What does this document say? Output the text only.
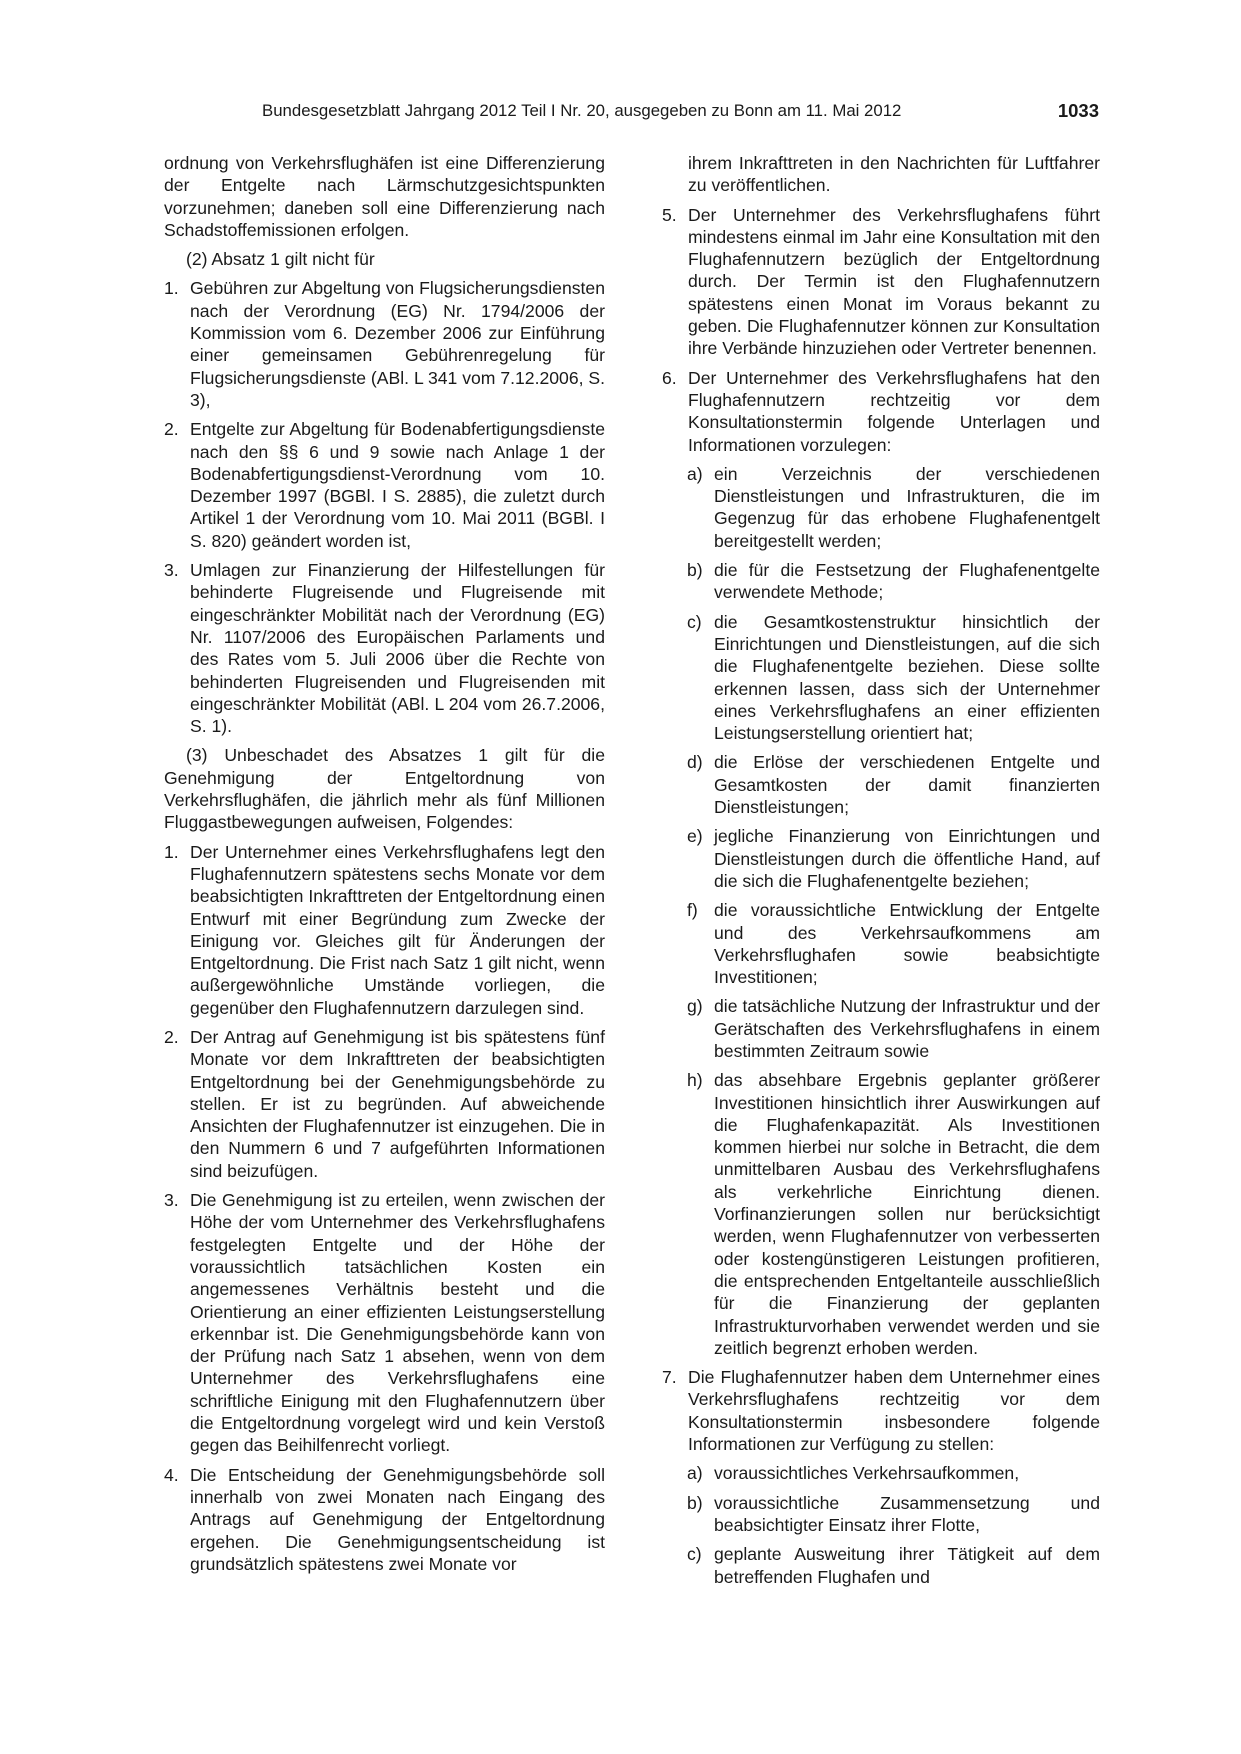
Bundesgesetzblatt Jahrgang 2012 Teil I Nr. 20, ausgegeben zu Bonn am 11. Mai 2012	1033

ordnung von Verkehrsflughäfen ist eine Differenzierung der Entgelte nach Lärmschutzgesichtspunkten vorzunehmen; daneben soll eine Differenzierung nach Schadstoffemissionen erfolgen.

(2) Absatz 1 gilt nicht für

1. Gebühren zur Abgeltung von Flugsicherungsdiensten nach der Verordnung (EG) Nr. 1794/2006 der Kommission vom 6. Dezember 2006 zur Einführung einer gemeinsamen Gebührenregelung für Flugsicherungsdienste (ABl. L 341 vom 7.12.2006, S. 3),
2. Entgelte zur Abgeltung für Bodenabfertigungsdienste nach den §§ 6 und 9 sowie nach Anlage 1 der Bodenabfertigungsdienst-Verordnung vom 10. Dezember 1997 (BGBl. I S. 2885), die zuletzt durch Artikel 1 der Verordnung vom 10. Mai 2011 (BGBl. I S. 820) geändert worden ist,
3. Umlagen zur Finanzierung der Hilfestellungen für behinderte Flugreisende und Flugreisende mit eingeschränkter Mobilität nach der Verordnung (EG) Nr. 1107/2006 des Europäischen Parlaments und des Rates vom 5. Juli 2006 über die Rechte von behinderten Flugreisenden und Flugreisenden mit eingeschränkter Mobilität (ABl. L 204 vom 26.7.2006, S. 1).

(3) Unbeschadet des Absatzes 1 gilt für die Genehmigung der Entgeltordnung von Verkehrsflughäfen, die jährlich mehr als fünf Millionen Fluggastbewegungen aufweisen, Folgendes:

1. Der Unternehmer eines Verkehrsflughafens legt den Flughafennutzern spätestens sechs Monate vor dem beabsichtigten Inkrafttreten der Entgeltordnung einen Entwurf mit einer Begründung zum Zwecke der Einigung vor. Gleiches gilt für Änderungen der Entgeltordnung. Die Frist nach Satz 1 gilt nicht, wenn außergewöhnliche Umstände vorliegen, die gegenüber den Flughafennutzern darzulegen sind.
2. Der Antrag auf Genehmigung ist bis spätestens fünf Monate vor dem Inkrafttreten der beabsichtigten Entgeltordnung bei der Genehmigungsbehörde zu stellen. Er ist zu begründen. Auf abweichende Ansichten der Flughafennutzer ist einzugehen. Die in den Nummern 6 und 7 aufgeführten Informationen sind beizufügen.
3. Die Genehmigung ist zu erteilen, wenn zwischen der Höhe der vom Unternehmer des Verkehrsflughafens festgelegten Entgelte und der Höhe der voraussichtlich tatsächlichen Kosten ein angemessenes Verhältnis besteht und die Orientierung an einer effizienten Leistungserstellung erkennbar ist. Die Genehmigungsbehörde kann von der Prüfung nach Satz 1 absehen, wenn von dem Unternehmer des Verkehrsflughafens eine schriftliche Einigung mit den Flughafennutzern über die Entgeltordnung vorgelegt wird und kein Verstoß gegen das Beihilfenrecht vorliegt.
4. Die Entscheidung der Genehmigungsbehörde soll innerhalb von zwei Monaten nach Eingang des Antrags auf Genehmigung der Entgeltordnung ergehen. Die Genehmigungsentscheidung ist grundsätzlich spätestens zwei Monate vor
ihrem Inkrafttreten in den Nachrichten für Luftfahrer zu veröffentlichen.
5. Der Unternehmer des Verkehrsflughafens führt mindestens einmal im Jahr eine Konsultation mit den Flughafennutzern bezüglich der Entgeltordnung durch. Der Termin ist den Flughafennutzern spätestens einen Monat im Voraus bekannt zu geben. Die Flughafennutzer können zur Konsultation ihre Verbände hinzuziehen oder Vertreter benennen.
6. Der Unternehmer des Verkehrsflughafens hat den Flughafennutzern rechtzeitig vor dem Konsultationstermin folgende Unterlagen und Informationen vorzulegen:
a) ein Verzeichnis der verschiedenen Dienstleistungen und Infrastrukturen, die im Gegenzug für das erhobene Flughafenentgelt bereitgestellt werden;
b) die für die Festsetzung der Flughafenentgelte verwendete Methode;
c) die Gesamtkostenstruktur hinsichtlich der Einrichtungen und Dienstleistungen, auf die sich die Flughafenentgelte beziehen. Diese sollte erkennen lassen, dass sich der Unternehmer eines Verkehrsflughafens an einer effizienten Leistungserstellung orientiert hat;
d) die Erlöse der verschiedenen Entgelte und Gesamtkosten der damit finanzierten Dienstleistungen;
e) jegliche Finanzierung von Einrichtungen und Dienstleistungen durch die öffentliche Hand, auf die sich die Flughafenentgelte beziehen;
f) die voraussichtliche Entwicklung der Entgelte und des Verkehrsaufkommens am Verkehrsflughafen sowie beabsichtigte Investitionen;
g) die tatsächliche Nutzung der Infrastruktur und der Gerätschaften des Verkehrsflughafens in einem bestimmten Zeitraum sowie
h) das absehbare Ergebnis geplanter größerer Investitionen hinsichtlich ihrer Auswirkungen auf die Flughafenkapazität. Als Investitionen kommen hierbei nur solche in Betracht, die dem unmittelbaren Ausbau des Verkehrsflughafens als verkehrliche Einrichtung dienen. Vorfinanzierungen sollen nur berücksichtigt werden, wenn Flughafennutzer von verbesserten oder kostengünstigeren Leistungen profitieren, die entsprechenden Entgeltanteile ausschließlich für die Finanzierung der geplanten Infrastrukturvorhaben verwendet werden und sie zeitlich begrenzt erhoben werden.
7. Die Flughafennutzer haben dem Unternehmer eines Verkehrsflughafens rechtzeitig vor dem Konsultationstermin insbesondere folgende Informationen zur Verfügung zu stellen:
a) voraussichtliches Verkehrsaufkommen,
b) voraussichtliche Zusammensetzung und beabsichtigter Einsatz ihrer Flotte,
c) geplante Ausweitung ihrer Tätigkeit auf dem betreffenden Flughafen und
